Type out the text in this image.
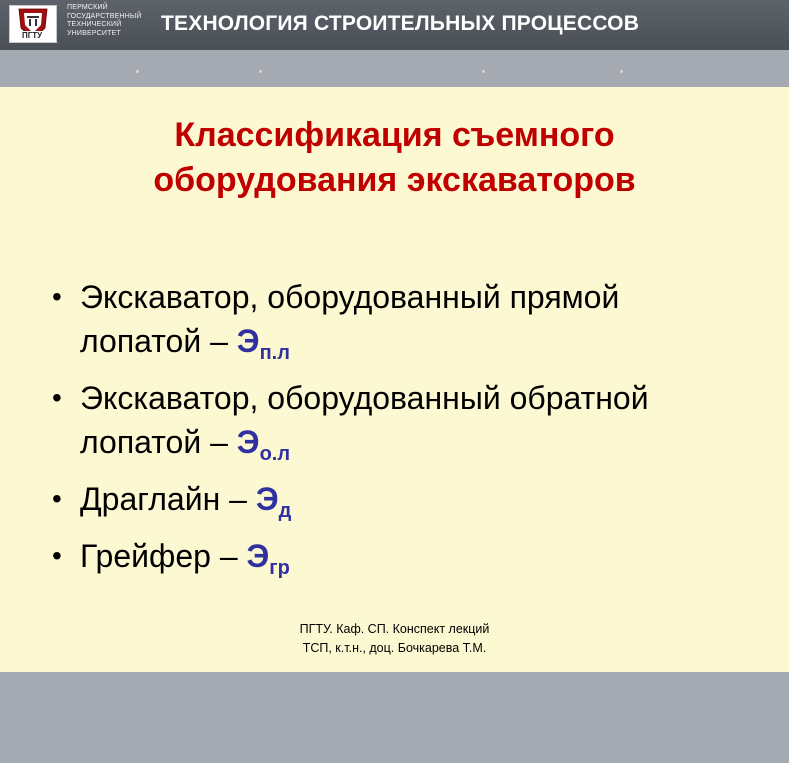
ПГТУ
ПЕРМСКИЙ
ГОСУДАРСТВЕННЫЙ
ТЕХНИЧЕСКИЙ
УНИВЕРСИТЕТ	ТЕХНОЛОГИЯ СТРОИТЕЛЬНЫХ ПРОЦЕССОВ
Классификация съемного
оборудования экскаваторов
• Экскаватор, оборудованный прямой
лопатой – $Э_{п.л}$
• Экскаватор, оборудованный обратной
лопатой – $Э_{о.л}$
• Драглайн – $Э_д$
• Грейфер – $Э_{гр}$
ПГТУ. Каф. СП. Конспект лекций
ТСП, к.т.н., доц. Бочкарева Т.М.
